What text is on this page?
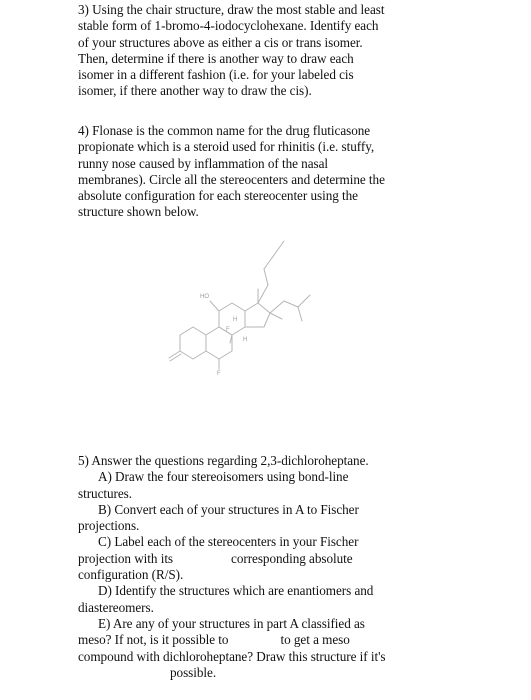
3) Using the chair structure, draw the most stable and least
stable form of 1-bromo-4-iodocyclohexane. Identify each
of your structures above as either a cis or trans isomer.
Then, determine if there is another way to draw each
isomer in a different fashion (i.e. for your labeled cis
isomer, if there another way to draw the cis).
4) Flonase is the common name for the drug fluticasone
propionate which is a steroid used for rhinitis (i.e. stuffy,
runny nose caused by inflammation of the nasal
membranes). Circle all the stereocenters and determine the
absolute configuration for each stereocenter using the
structure shown below.
HO
H
H
F
F
5) Answer the questions regarding 2,3-dichloroheptane.
A) Draw the four stereoisomers using bond-line
structures.
B) Convert each of your structures in A to Fischer
projections.
C) Label each of the stereocenters in your Fischer
projection with its	corresponding absolute
configuration (R/S).
D) Identify the structures which are enantiomers and
diastereomers.
E) Are any of your structures in part A classified as
meso? If not, is it possible to	to get a meso
compound with dichloroheptane? Draw this structure if it's
possible.
